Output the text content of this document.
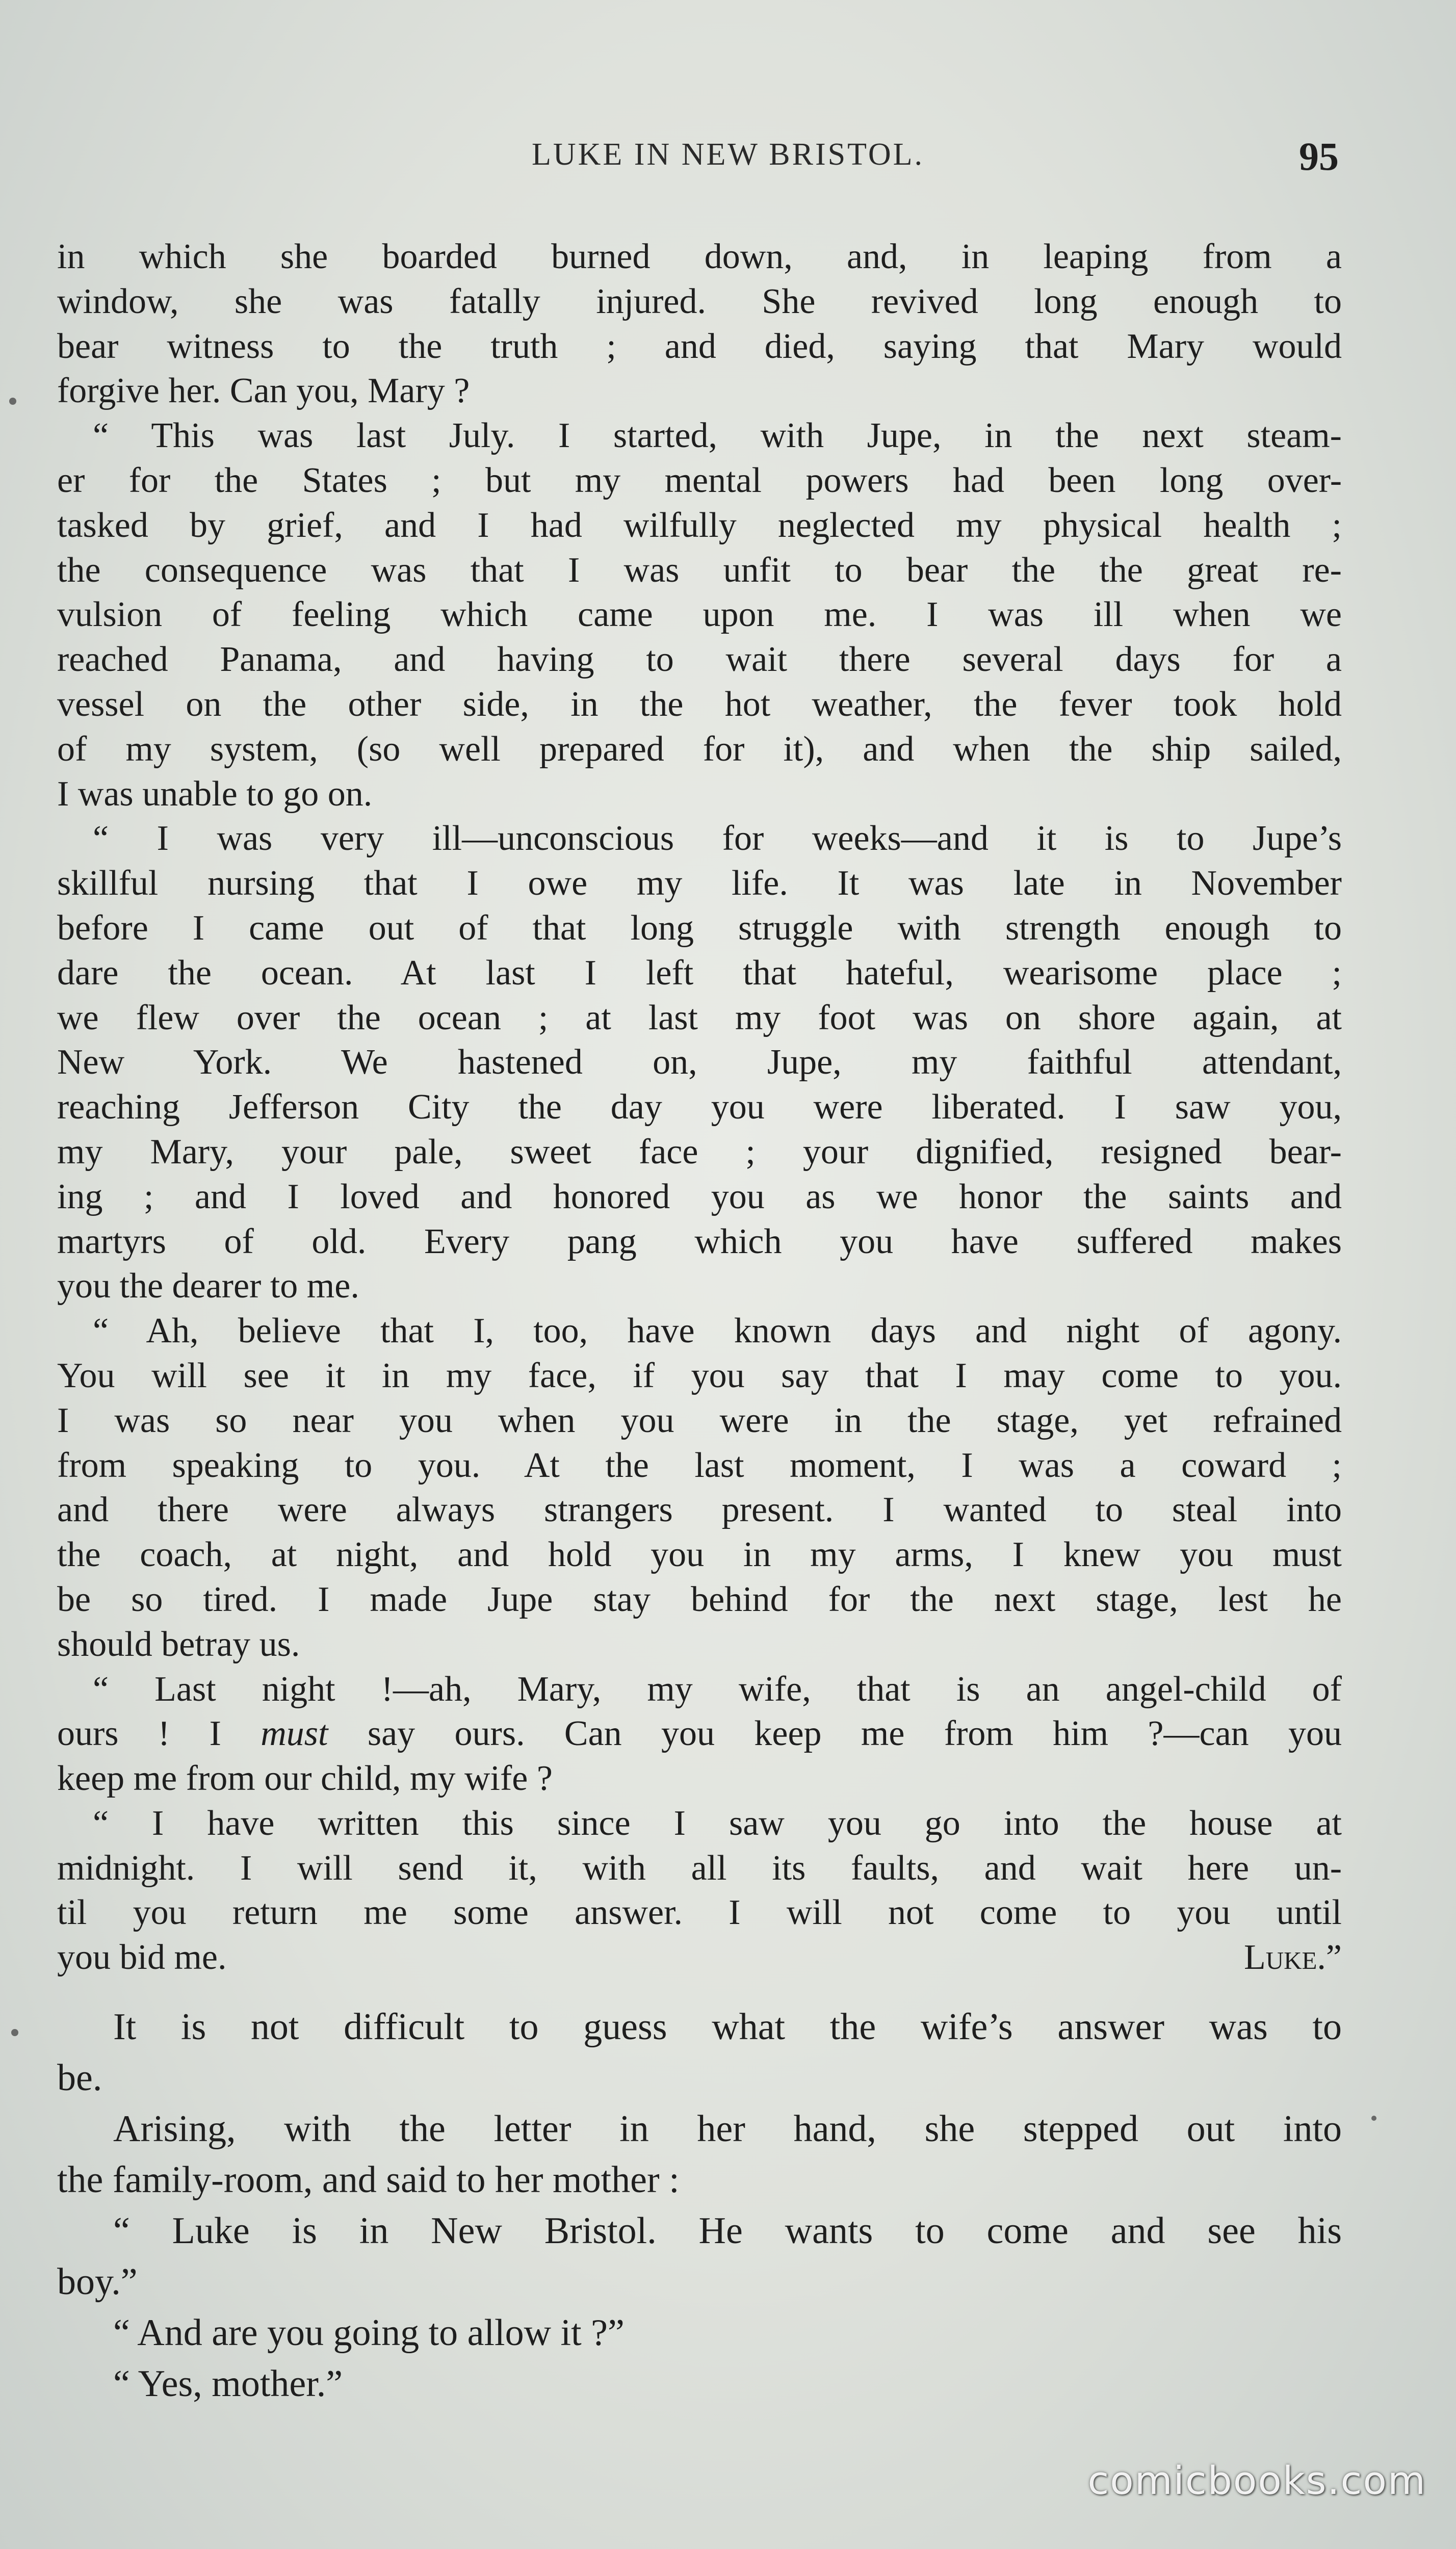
LUKE IN NEW BRISTOL.	95
in which she boarded burned down, and, in leaping from a
window, she was fatally injured. She revived long enough to
bear witness to the truth ; and died, saying that Mary would
forgive her. Can you, Mary ?
“ This was last July. I started, with Jupe, in the next steam-
er for the States ; but my mental powers had been long over-
tasked by grief, and I had wilfully neglected my physical health ;
the consequence was that I was unfit to bear the the great re-
vulsion of feeling which came upon me. I was ill when we
reached Panama, and having to wait there several days for a
vessel on the other side, in the hot weather, the fever took hold
of my system, (so well prepared for it), and when the ship sailed,
I was unable to go on.
“ I was very ill—unconscious for weeks—and it is to Jupe’s
skillful nursing that I owe my life. It was late in November
before I came out of that long struggle with strength enough to
dare the ocean. At last I left that hateful, wearisome place ;
we flew over the ocean ; at last my foot was on shore again, at
New York. We hastened on, Jupe, my faithful attendant,
reaching Jefferson City the day you were liberated. I saw you,
my Mary, your pale, sweet face ; your dignified, resigned bear-
ing ; and I loved and honored you as we honor the saints and
martyrs of old. Every pang which you have suffered makes
you the dearer to me.
“ Ah, believe that I, too, have known days and night of agony.
You will see it in my face, if you say that I may come to you.
I was so near you when you were in the stage, yet refrained
from speaking to you. At the last moment, I was a coward ;
and there were always strangers present. I wanted to steal into
the coach, at night, and hold you in my arms, I knew you must
be so tired. I made Jupe stay behind for the next stage, lest he
should betray us.
“ Last night !—ah, Mary, my wife, that is an angel-child of
ours ! I must say ours. Can you keep me from him ?—can you
keep me from our child, my wife ?
“ I have written this since I saw you go into the house at
midnight. I will send it, with all its faults, and wait here un-
til you return me some answer. I will not come to you until
you bid me.	Luke.”
It is not difficult to guess what the wife’s answer was to
be.
Arising, with the letter in her hand, she stepped out into
the family-room, and said to her mother :
“ Luke is in New Bristol. He wants to come and see his
boy.”
“ And are you going to allow it ?”
“ Yes, mother.”
comicbooks.com
